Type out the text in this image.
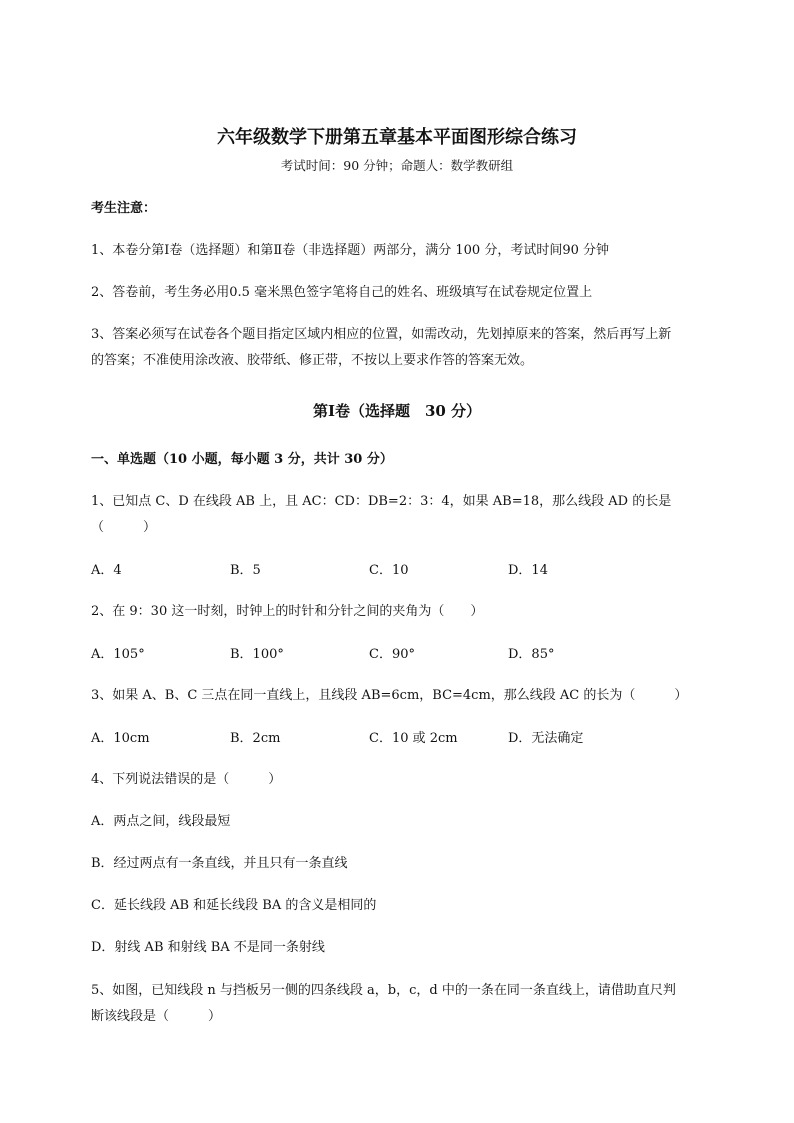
六年级数学下册第五章基本平面图形综合练习
考试时间：90 分钟；命题人：数学教研组
考生注意：
1、本卷分第Ⅰ卷（选择题）和第Ⅱ卷（非选择题）两部分，满分 100 分，考试时间90 分钟
2、答卷前，考生务必用0.5 毫米黑色签字笔将自己的姓名、班级填写在试卷规定位置上
3、答案必须写在试卷各个题目指定区域内相应的位置，如需改动，先划掉原来的答案，然后再写上新
的答案；不准使用涂改液、胶带纸、修正带，不按以上要求作答的答案无效。
第Ⅰ卷（选择题　30 分）
一、单选题（10 小题，每小题 3 分，共计 30 分）
1、已知点 C、D 在线段 AB 上，且 AC：CD：DB=2：3：4，如果 AB=18，那么线段 AD 的长是
（　　　）
A．4	B．5	C．10	D．14
2、在 9：30 这一时刻，时钟上的时针和分针之间的夹角为（　　）
A．105°	B．100°	C．90°	D．85°
3、如果 A、B、C 三点在同一直线上，且线段 AB=6cm，BC=4cm，那么线段 AC 的长为（　　　）
A．10cm	B．2cm	C．10 或 2cm	D．无法确定
4、下列说法错误的是（　　　）
A．两点之间，线段最短
B．经过两点有一条直线，并且只有一条直线
C．延长线段 AB 和延长线段 BA 的含义是相同的
D．射线 AB 和射线 BA 不是同一条射线
5、如图，已知线段 n 与挡板另一侧的四条线段 a，b，c，d 中的一条在同一条直线上，请借助直尺判
断该线段是（　　　）
